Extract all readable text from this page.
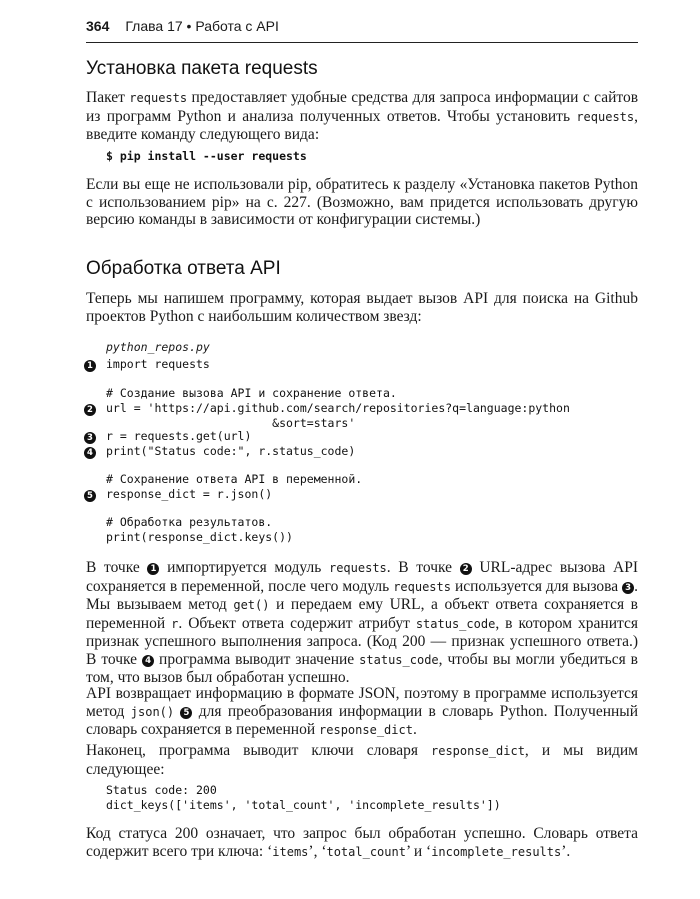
364 Глава 17 • Работа с API
Установка пакета requests

Пакет requests предоставляет удобные средства для запроса информации с сайтов из программ Python и анализа полученных ответов. Чтобы установить requests, введите команду следующего вида:

$ pip install --user requests

Если вы еще не использовали pip, обратитесь к разделу «Установка пакетов Python с использованием pip» на с. 227. (Возможно, вам придется использовать другую версию команды в зависимости от конфигурации системы.)

Обработка ответа API

Теперь мы напишем программу, которая выдает вызов API для поиска на Github проектов Python с наибольшим количеством звезд:

python_repos.py
1 import requests
# Создание вызова API и сохранение ответа.
2 url = 'https://api.github.com/search/repositories?q=language:python
&sort=stars'
3 r = requests.get(url)
4 print("Status code:", r.status_code)
# Сохранение ответа API в переменной.
5 response_dict = r.json()
# Обработка результатов.
print(response_dict.keys())

В точке 1 импортируется модуль requests. В точке 2 URL-адрес вызова API сохраняется в переменной, после чего модуль requests используется для вызова 3 . Мы вызываем метод get() и передаем ему URL, а объект ответа сохраняется в переменной r. Объект ответа содержит атрибут status_code, в котором хранится признак успешного выполнения запроса. (Код 200 — признак успешного ответа.) В точке 4 программа выводит значение status_code, чтобы вы могли убедиться в том, что вызов был обработан успешно.

API возвращает информацию в формате JSON, поэтому в программе используется метод json() 5 для преобразования информации в словарь Python. Полученный словарь сохраняется в переменной response_dict.

Наконец, программа выводит ключи словаря response_dict, и мы видим следующее:

Status code: 200
dict_keys(['items', 'total_count', 'incomplete_results'])

Код статуса 200 означает, что запрос был обработан успешно. Словарь ответа содержит всего три ключа: ‘items’, ‘total_count’ и ‘incomplete_results’.
